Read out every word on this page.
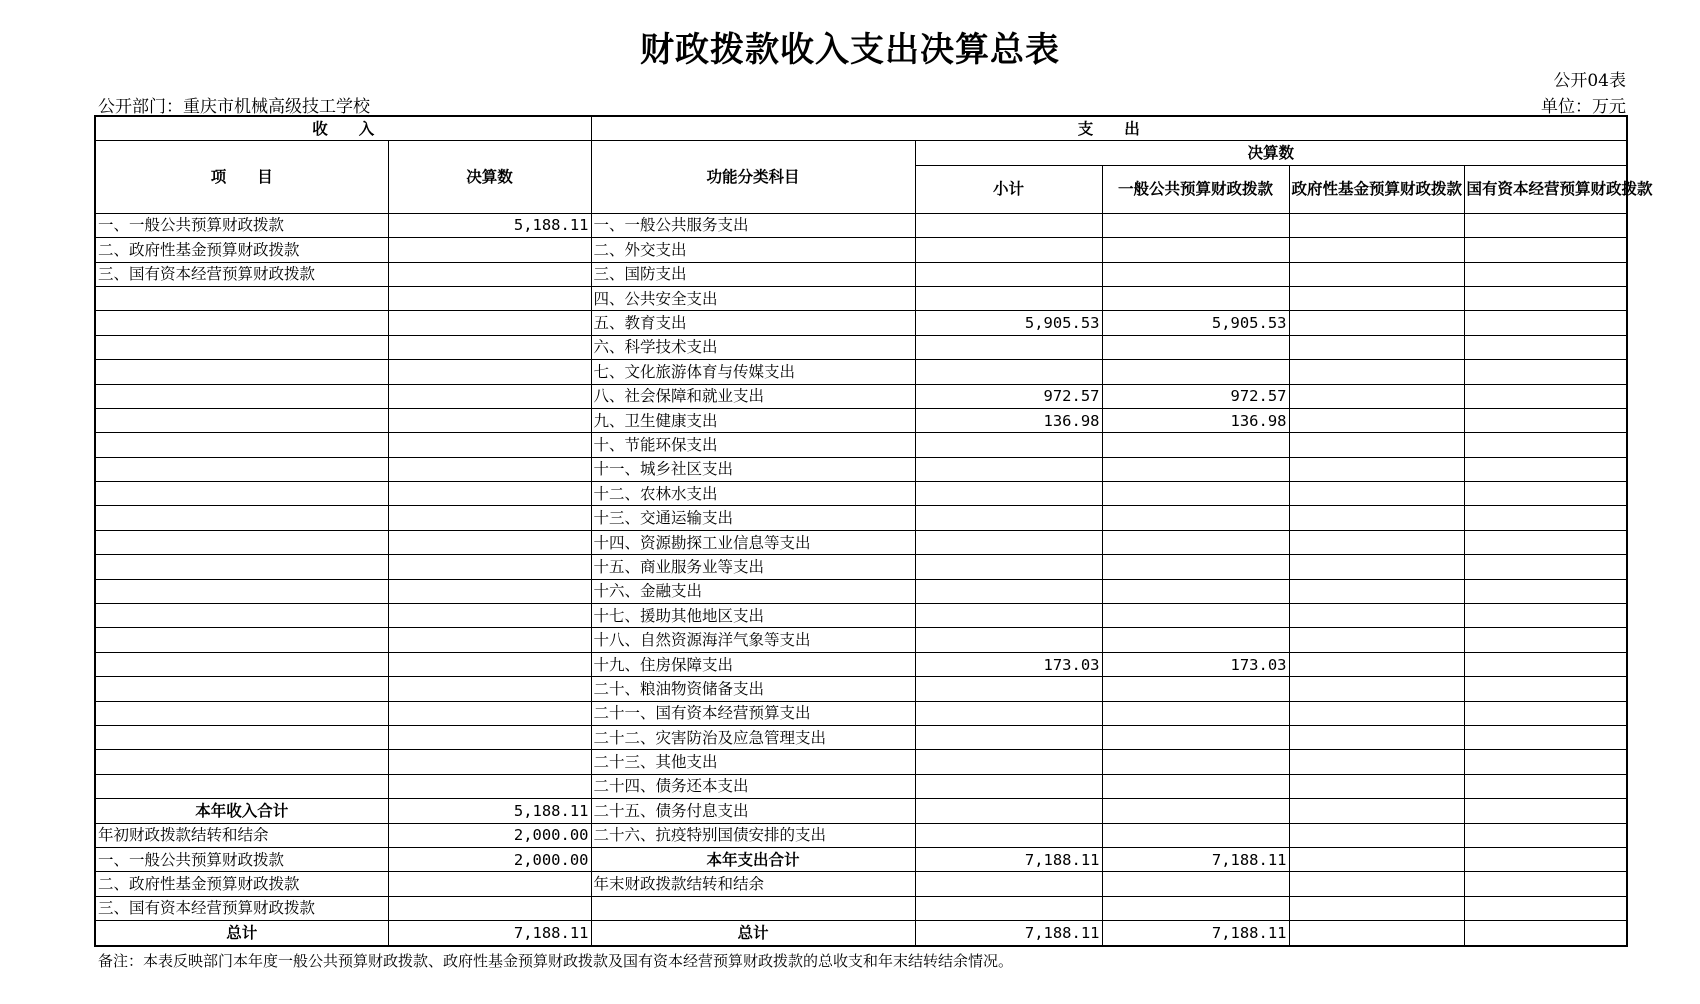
财政拨款收入支出决算总表
公开04表
公开部门：重庆市机械高级技工学校	单位：万元
收　　入		支　　出				
项　　目	决算数	功能分类科目	决算数			
			小计	一般公共预算财政拨款	政府性基金预算财政拨款	国有资本经营预算财政拨款
一、一般公共预算财政拨款	5,188.11	一、一般公共服务支出				
二、政府性基金预算财政拨款		二、外交支出				
三、国有资本经营预算财政拨款		三、国防支出				
		四、公共安全支出				
		五、教育支出	5,905.53	5,905.53		
		六、科学技术支出				
		七、文化旅游体育与传媒支出				
		八、社会保障和就业支出	972.57	972.57		
		九、卫生健康支出	136.98	136.98		
		十、节能环保支出				
		十一、城乡社区支出				
		十二、农林水支出				
		十三、交通运输支出				
		十四、资源勘探工业信息等支出				
		十五、商业服务业等支出				
		十六、金融支出				
		十七、援助其他地区支出				
		十八、自然资源海洋气象等支出				
		十九、住房保障支出	173.03	173.03		
		二十、粮油物资储备支出				
		二十一、国有资本经营预算支出				
		二十二、灾害防治及应急管理支出				
		二十三、其他支出				
		二十四、债务还本支出				
本年收入合计	5,188.11	二十五、债务付息支出				
年初财政拨款结转和结余	2,000.00	二十六、抗疫特别国债安排的支出				
一、一般公共预算财政拨款	2,000.00	本年支出合计	7,188.11	7,188.11		
二、政府性基金预算财政拨款		年末财政拨款结转和结余				
三、国有资本经营预算财政拨款						
总计	7,188.11	总计	7,188.11	7,188.11		
备注：本表反映部门本年度一般公共预算财政拨款、政府性基金预算财政拨款及国有资本经营预算财政拨款的总收支和年末结转结余情况。
